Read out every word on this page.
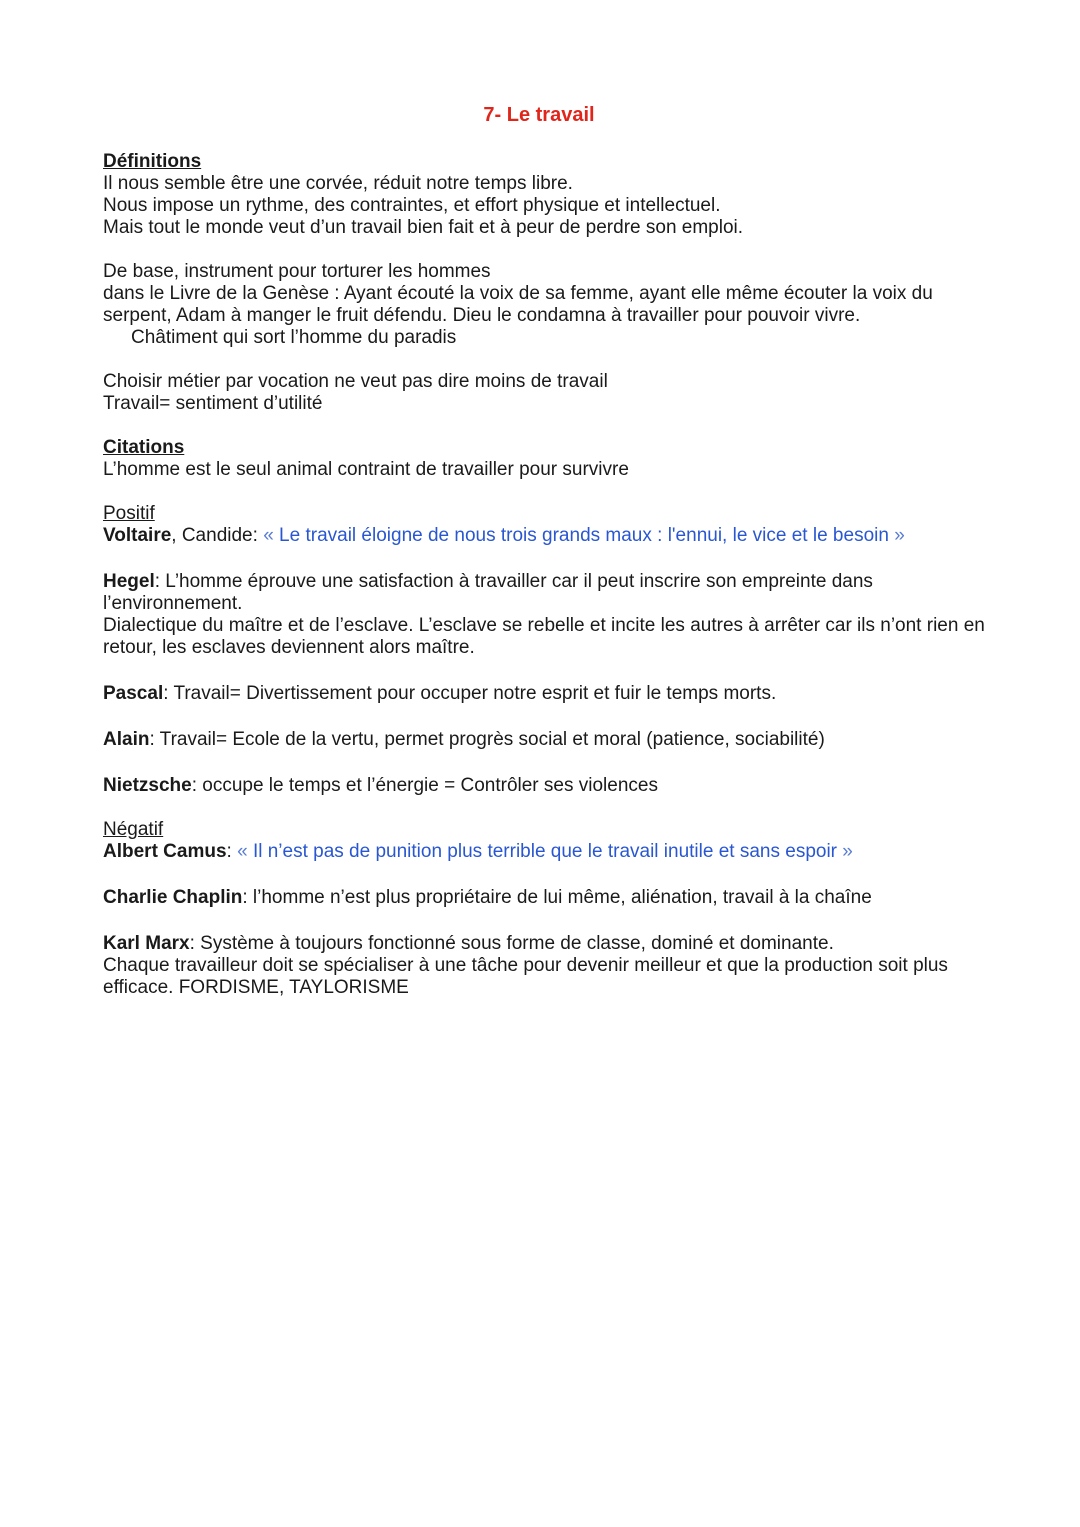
7- Le travail
Définitions
Il nous semble être une corvée, réduit notre temps libre.
Nous impose un rythme, des contraintes, et effort physique et intellectuel.
Mais tout le monde veut d’un travail bien fait et à peur de perdre son emploi.
De base, instrument pour torturer les hommes
dans le Livre de la Genèse : Ayant écouté la voix de sa femme, ayant elle même écouter la voix du serpent, Adam à manger le fruit défendu. Dieu le condamna à travailler pour pouvoir vivre.
Châtiment qui sort l’homme du paradis
Choisir métier par vocation ne veut pas dire moins de travail
Travail= sentiment d’utilité
Citations
L’homme est le seul animal contraint de travailler pour survivre
Positif
Voltaire, Candide: « Le travail éloigne de nous trois grands maux : l'ennui, le vice et le besoin »
Hegel: L’homme éprouve une satisfaction à travailler car il peut inscrire son empreinte dans l’environnement.
Dialectique du maître et de l’esclave. L’esclave se rebelle et incite les autres à arrêter car ils n’ont rien en retour, les esclaves deviennent alors maître.
Pascal: Travail= Divertissement pour occuper notre esprit et fuir le temps morts.
Alain: Travail= Ecole de la vertu, permet progrès social et moral (patience, sociabilité)
Nietzsche: occupe le temps et l’énergie = Contrôler ses violences
Négatif
Albert Camus: « Il n’est pas de punition plus terrible que le travail inutile et sans espoir »
Charlie Chaplin: l’homme n’est plus propriétaire de lui même, aliénation, travail à la chaîne
Karl Marx: Système à toujours fonctionné sous forme de classe, dominé et dominante.
Chaque travailleur doit se spécialiser à une tâche pour devenir meilleur et que la production soit plus efficace. FORDISME, TAYLORISME
